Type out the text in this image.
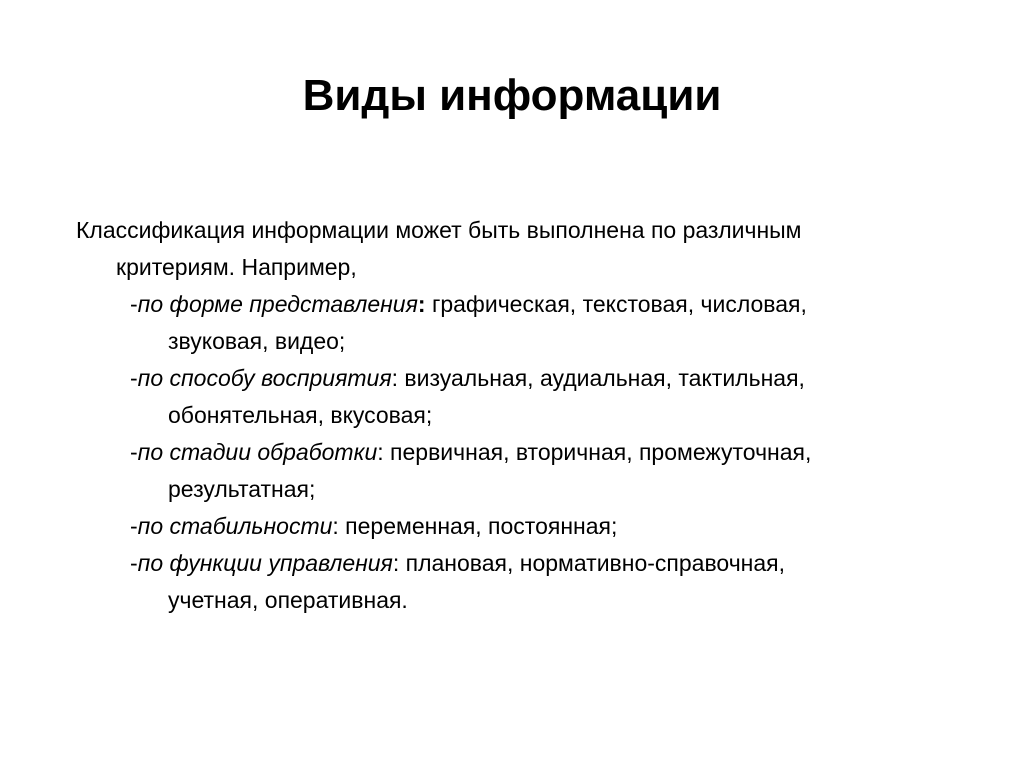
Виды информации
Классификация информации может быть выполнена по различным
критериям. Например,
-по форме представления: графическая, текстовая, числовая,
звуковая, видео;
-по способу восприятия: визуальная, аудиальная, тактильная,
обонятельная, вкусовая;
-по стадии обработки: первичная, вторичная, промежуточная,
результатная;
-по стабильности: переменная, постоянная;
-по функции управления: плановая, нормативно-справочная,
учетная, оперативная.
